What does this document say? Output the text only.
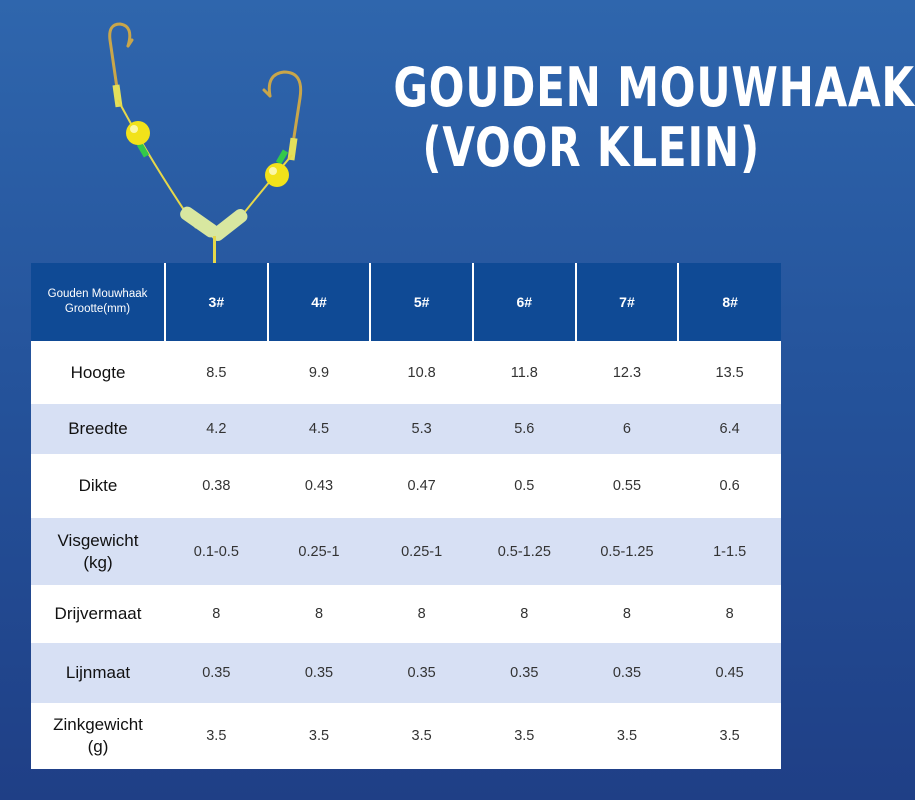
GOUDEN MOUWHAAK
(VOOR KLEIN)
Gouden Mouwhaak
Grootte(mm)	3#	4#	5#	6#	7#	8#

Hoogte	8.5	9.9	10.8	11.8	12.3	13.5

Breedte	4.2	4.5	5.3	5.6	6	6.4

Dikte	0.38	0.43	0.47	0.5	0.55	0.6

Visgewicht
(kg)	0.1-0.5	0.25-1	0.25-1	0.5-1.25	0.5-1.25	1-1.5

Drijvermaat	8	8	8	8	8	8

Lijnmaat	0.35	0.35	0.35	0.35	0.35	0.45

Zinkgewicht
(g)	3.5	3.5	3.5	3.5	3.5	3.5
